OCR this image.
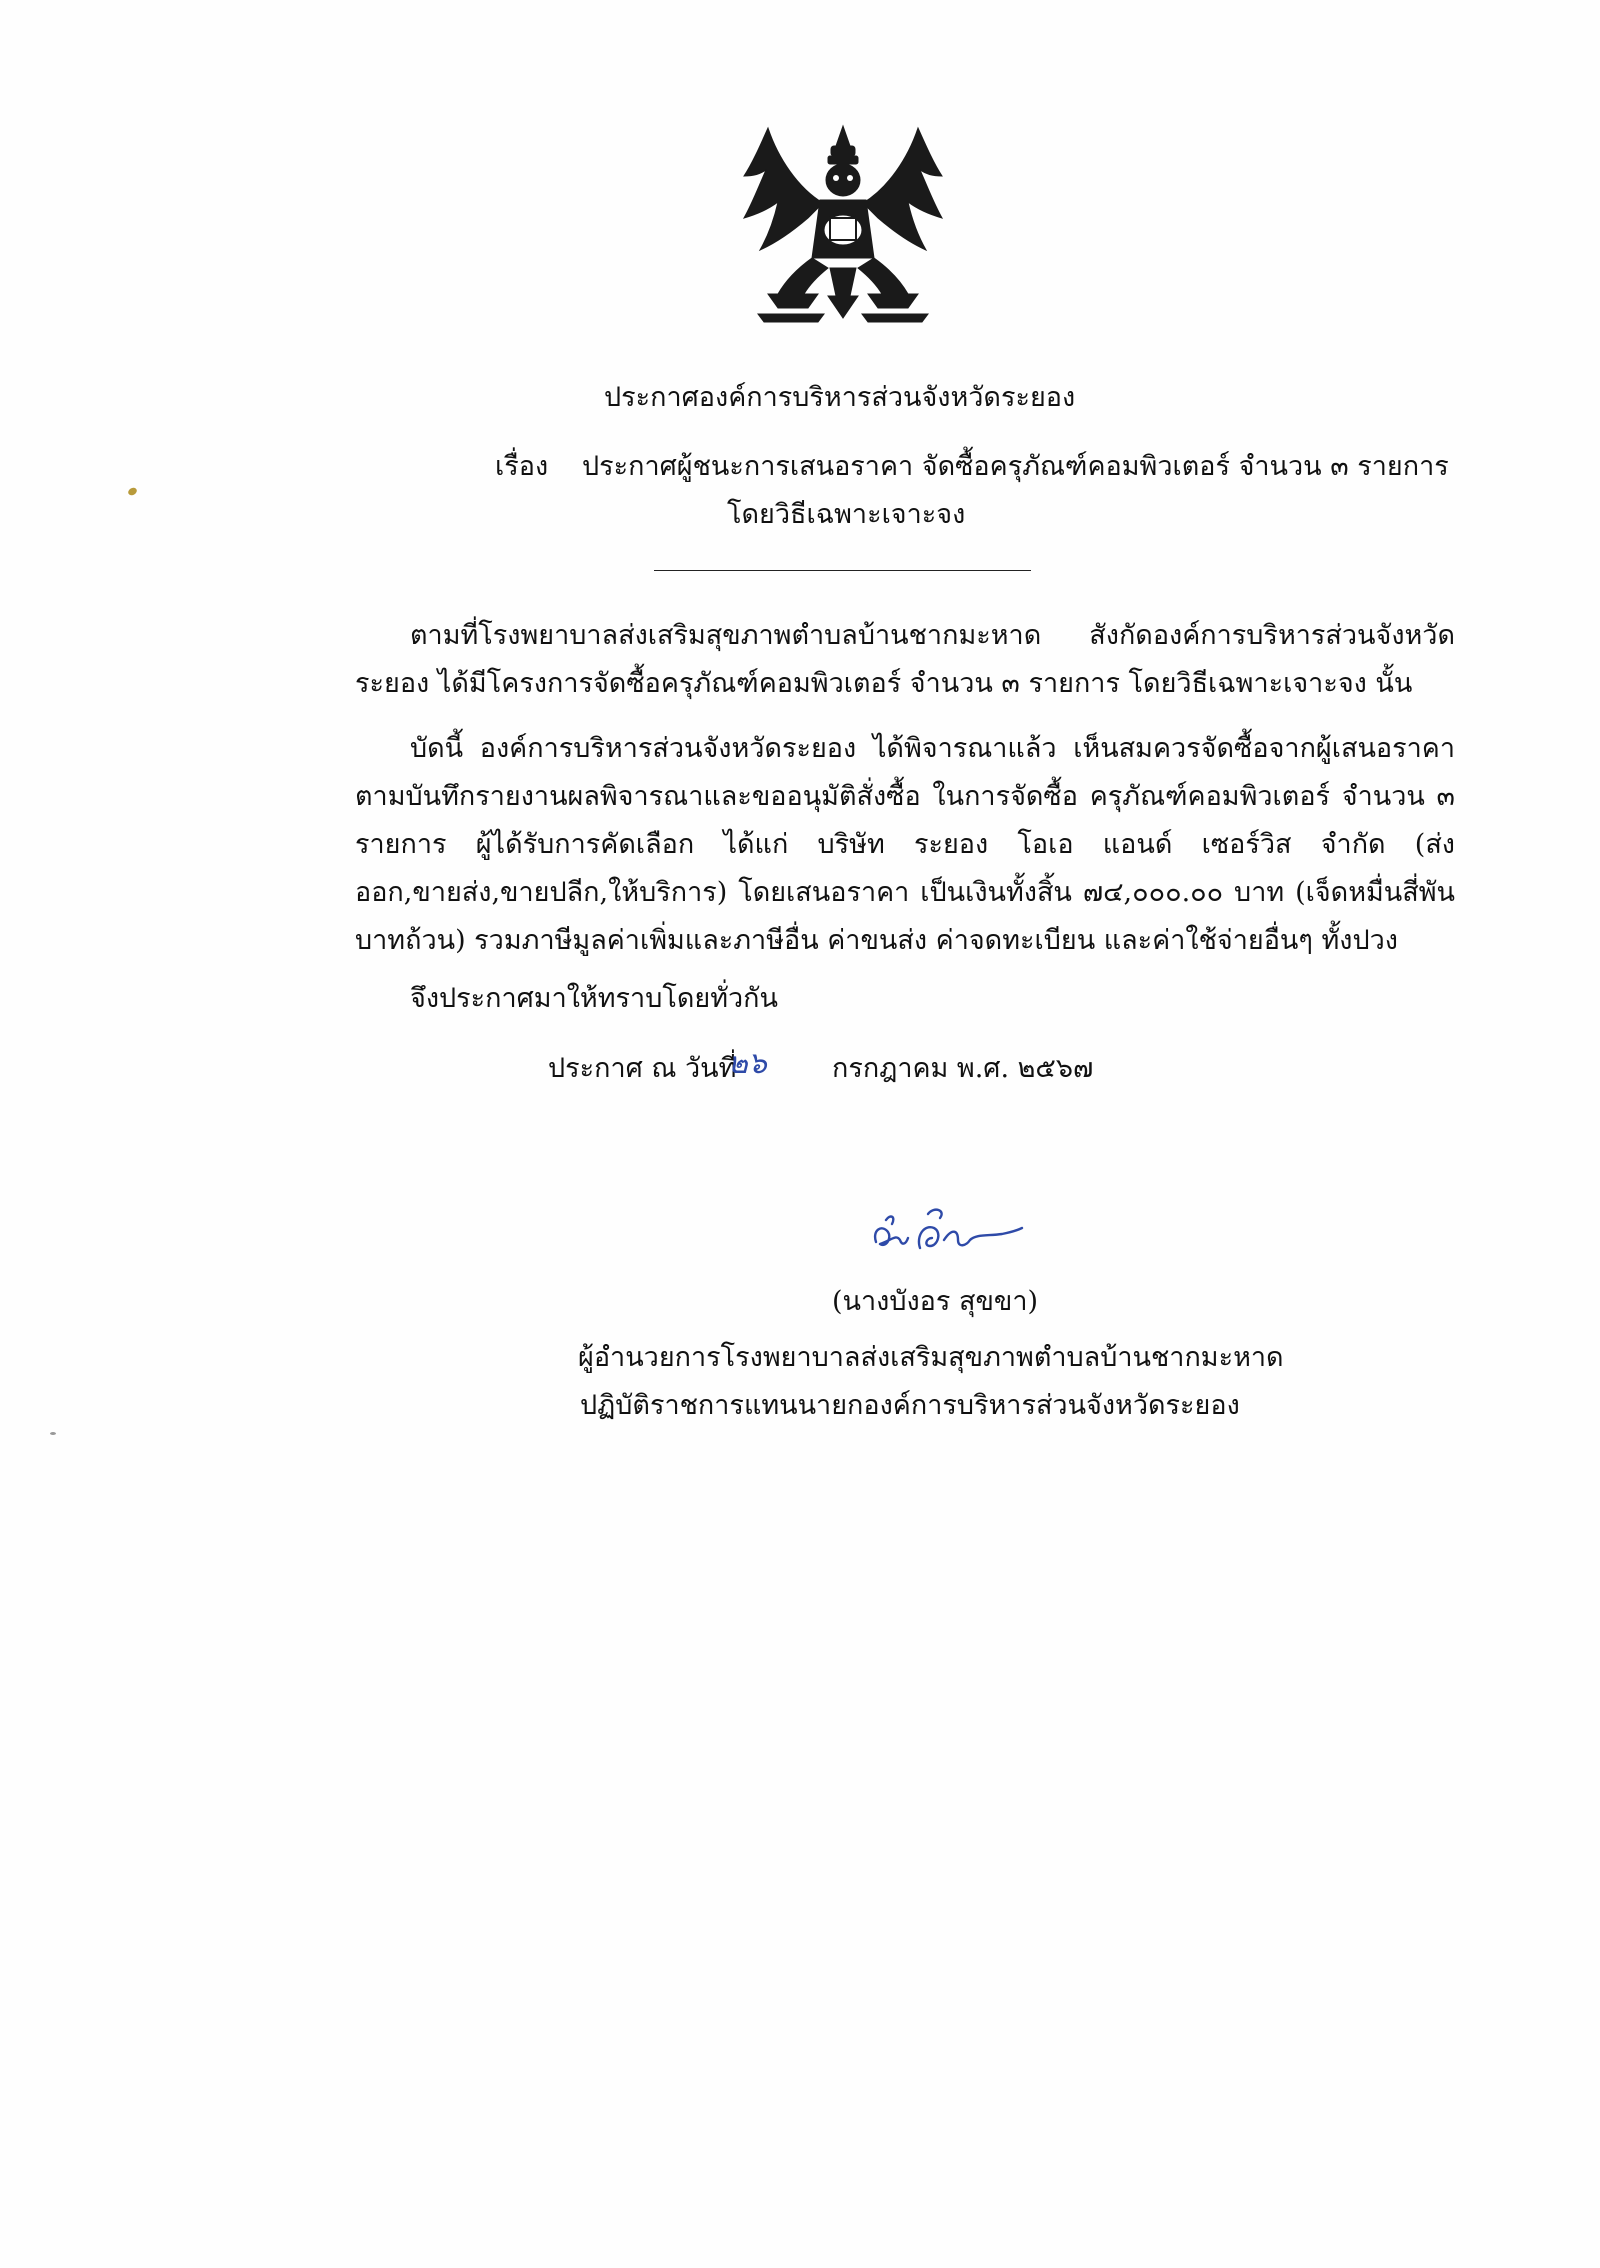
ประกาศองค์การบริหารส่วนจังหวัดระยอง
เรื่อง ประกาศผู้ชนะการเสนอราคา จัดซื้อครุภัณฑ์คอมพิวเตอร์ จำนวน ๓ รายการ
โดยวิธีเฉพาะเจาะจง
ตามที่โรงพยาบาลส่งเสริมสุขภาพตำบลบ้านชากมะหาด สังกัดองค์การบริหารส่วนจังหวัดระยอง ได้มีโครงการจัดซื้อครุภัณฑ์คอมพิวเตอร์ จำนวน ๓ รายการ โดยวิธีเฉพาะเจาะจง นั้น
บัดนี้ องค์การบริหารส่วนจังหวัดระยอง ได้พิจารณาแล้ว เห็นสมควรจัดซื้อจากผู้เสนอราคาตามบันทึกรายงานผลพิจารณาและขออนุมัติสั่งซื้อ ในการจัดซื้อ ครุภัณฑ์คอมพิวเตอร์ จำนวน ๓ รายการ ผู้ได้รับการคัดเลือก ได้แก่ บริษัท ระยอง โอเอ แอนด์ เซอร์วิส จำกัด (ส่งออก,ขายส่ง,ขายปลีก,ให้บริการ) โดยเสนอราคา เป็นเงินทั้งสิ้น ๗๔,๐๐๐.๐๐ บาท (เจ็ดหมื่นสี่พันบาทถ้วน) รวมภาษีมูลค่าเพิ่มและภาษีอื่น ค่าขนส่ง ค่าจดทะเบียน และค่าใช้จ่ายอื่นๆ ทั้งปวง
จึงประกาศมาให้ทราบโดยทั่วกัน
ประกาศ ณ วันที่
๒๖ กรกฎาคม พ.ศ. ๒๕๖๗
(นางบังอร สุขขา)
ผู้อำนวยการโรงพยาบาลส่งเสริมสุขภาพตำบลบ้านชากมะหาด
ปฏิบัติราชการแทนนายกองค์การบริหารส่วนจังหวัดระยอง
